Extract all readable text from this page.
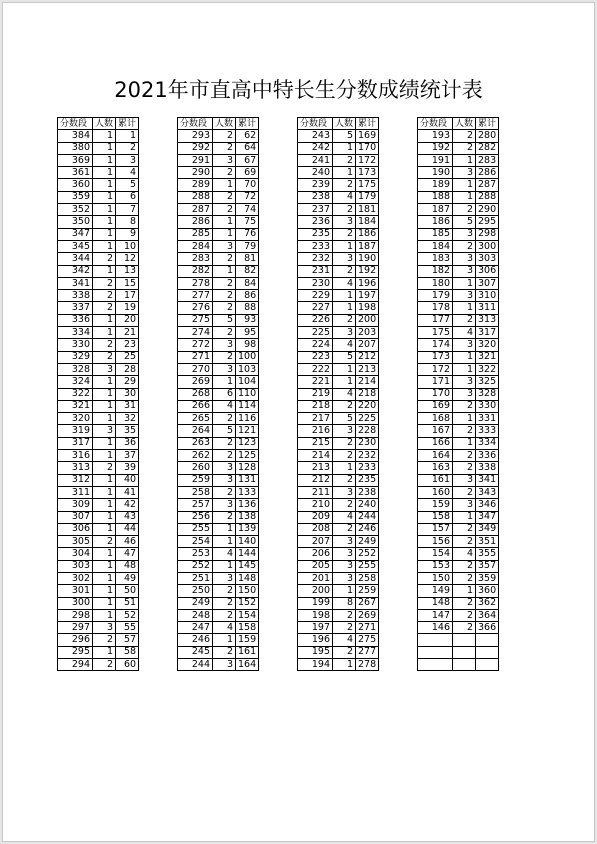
2021年市直高中特长生分数成绩统计表
分数段	人数	累计
384	1	1
380	1	2
369	1	3
361	1	4
360	1	5
359	1	6
352	1	7
350	1	8
347	1	9
345	1	10
344	2	12
342	1	13
341	2	15
338	2	17
337	2	19
336	1	20
334	1	21
330	2	23
329	2	25
328	3	28
324	1	29
322	1	30
321	1	31
320	1	32
319	3	35
317	1	36
316	1	37
313	2	39
312	1	40
311	1	41
309	1	42
307	1	43
306	1	44
305	2	46
304	1	47
303	1	48
302	1	49
301	1	50
300	1	51
298	1	52
297	3	55
296	2	57
295	1	58
294	2	60
分数段	人数	累计
293	2	62
292	2	64
291	3	67
290	2	69
289	1	70
288	2	72
287	2	74
286	1	75
285	1	76
284	3	79
283	2	81
282	1	82
278	2	84
277	2	86
276	2	88
275	5	93
274	2	95
272	3	98
271	2	100
270	3	103
269	1	104
268	6	110
266	4	114
265	2	116
264	5	121
263	2	123
262	2	125
260	3	128
259	3	131
258	2	133
257	3	136
256	2	138
255	1	139
254	1	140
253	4	144
252	1	145
251	3	148
250	2	150
249	2	152
248	2	154
247	4	158
246	1	159
245	2	161
244	3	164
分数段	人数	累计
243	5	169
242	1	170
241	2	172
240	1	173
239	2	175
238	4	179
237	2	181
236	3	184
235	2	186
233	1	187
232	3	190
231	2	192
230	4	196
229	1	197
227	1	198
226	2	200
225	3	203
224	4	207
223	5	212
222	1	213
221	1	214
219	4	218
218	2	220
217	5	225
216	3	228
215	2	230
214	2	232
213	1	233
212	2	235
211	3	238
210	2	240
209	4	244
208	2	246
207	3	249
206	3	252
205	3	255
201	3	258
200	1	259
199	8	267
198	2	269
197	2	271
196	4	275
195	2	277
194	1	278
分数段	人数	累计
193	2	280
192	2	282
191	1	283
190	3	286
189	1	287
188	1	288
187	2	290
186	5	295
185	3	298
184	2	300
183	3	303
182	3	306
180	1	307
179	3	310
178	1	311
177	2	313
175	4	317
174	3	320
173	1	321
172	1	322
171	3	325
170	3	328
169	2	330
168	1	331
167	2	333
166	1	334
164	2	336
163	2	338
161	3	341
160	2	343
159	3	346
158	1	347
157	2	349
156	2	351
154	4	355
153	2	357
150	2	359
149	1	360
148	2	362
147	2	364
146	2	366
